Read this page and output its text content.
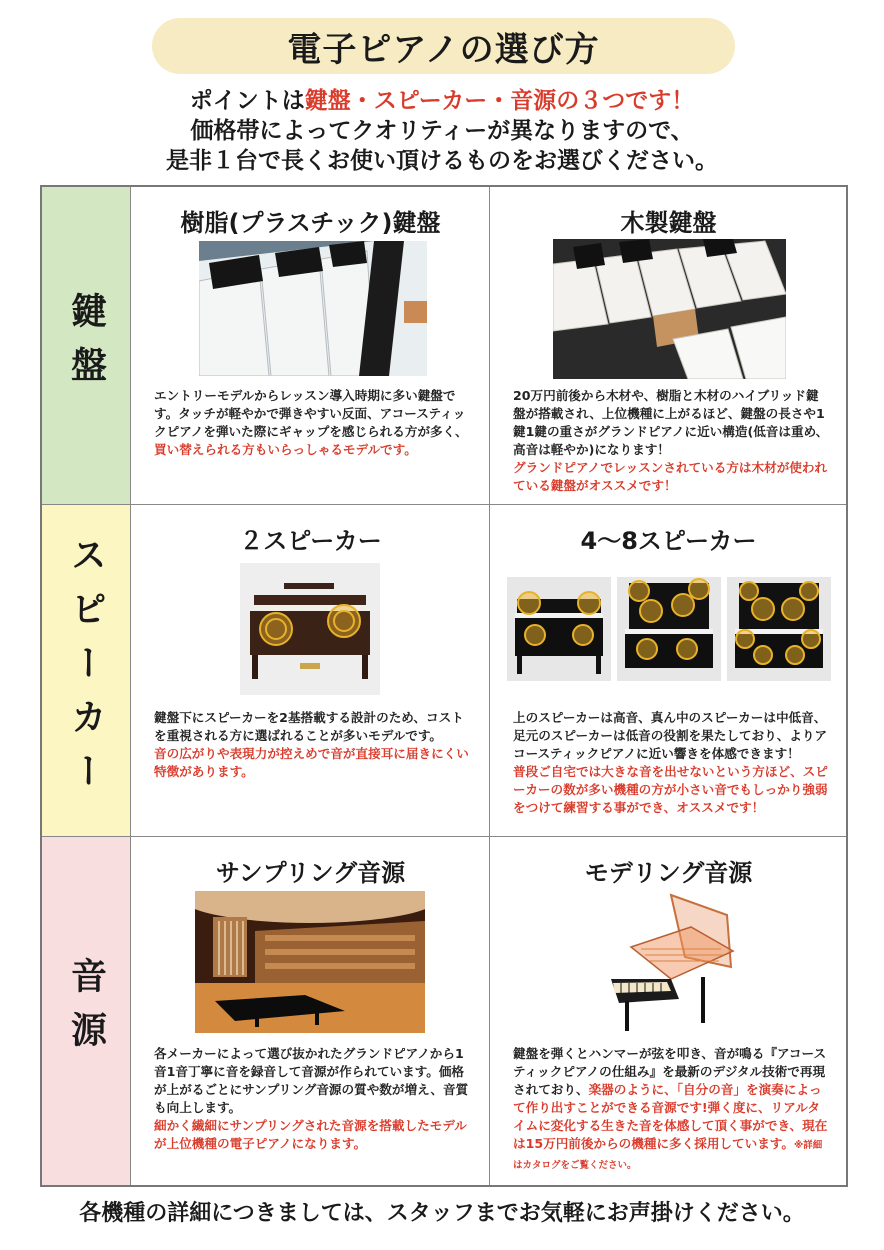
電子ピアノの選び方
ポイントは鍵盤・スピーカー・音源の３つです！
価格帯によってクオリティーが異なりますので、
是非１台で長くお使い頂けるものをお選びください。
鍵盤
樹脂(プラスチック)鍵盤
エントリーモデルからレッスン導入時期に多い鍵盤です。タッチが軽やかで弾きやすい反面、アコースティックピアノを弾いた際にギャップを感じられる方が多く、買い替えられる方もいらっしゃるモデルです。
木製鍵盤
20万円前後から木材や、樹脂と木材のハイブリッド鍵盤が搭載され、上位機種に上がるほど、鍵盤の長さや1鍵1鍵の重さがグランドピアノに近い構造(低音は重め、高音は軽やか)になります！
グランドピアノでレッスンされている方は木材が使われている鍵盤がオススメです！
スピーカー	２スピーカー
鍵盤下にスピーカーを2基搭載する設計のため、コストを重視される方に選ばれることが多いモデルです。
音の広がりや表現力が控えめで音が直接耳に届きにくい特徴があります。
4～8スピーカー
上のスピーカーは高音、真ん中のスピーカーは中低音、足元のスピーカーは低音の役割を果たしており、よりアコースティックピアノに近い響きを体感できます！
普段ご自宅では大きな音を出せないという方ほど、スピーカーの数が多い機種の方が小さい音でもしっかり強弱をつけて練習する事ができ、オススメです！
音源
サンプリング音源
各メーカーによって選び抜かれたグランドピアノから1音1音丁寧に音を録音して音源が作られています。価格が上がるごとにサンプリング音源の質や数が増え、音質も向上します。
細かく繊細にサンプリングされた音源を搭載したモデルが上位機種の電子ピアノになります。
モデリング音源
鍵盤を弾くとハンマーが弦を叩き、音が鳴る『アコースティックピアノの仕組み』を最新のデジタル技術で再現されており、楽器のように、「自分の音」を演奏によって作り出すことができる音源です!弾く度に、リアルタイムに変化する生きた音を体感して頂く事ができ、現在は15万円前後からの機種に多く採用しています。※詳細はカタログをご覧ください。
各機種の詳細につきましては、スタッフまでお気軽にお声掛けください。
